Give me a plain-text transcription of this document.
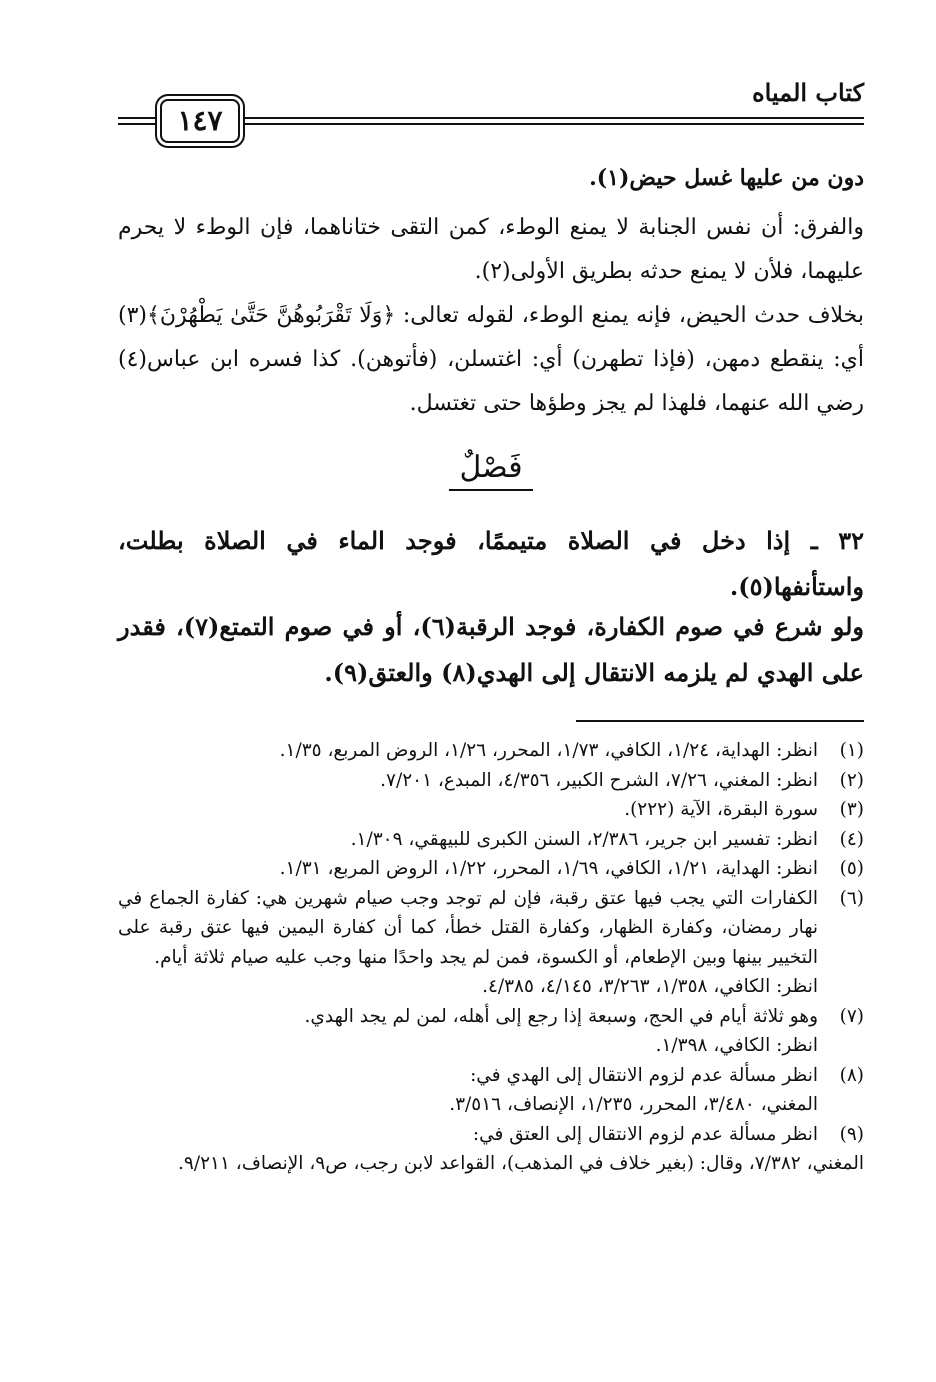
كتاب المياه
١٤٧

دون من عليها غسل حيض(١).

والفرق: أن نفس الجنابة لا يمنع الوطء، كمن التقى ختاناهما، فإن الوطء لا يحرم عليهما، فلأن لا يمنع حدثه بطريق الأولى(٢).

بخلاف حدث الحيض، فإنه يمنع الوطء، لقوله تعالى: ﴿وَلَا تَقْرَبُوهُنَّ حَتَّىٰ يَطْهُرْنَ﴾(٣) أي: ينقطع دمهن، (فإذا تطهرن) أي: اغتسلن، (فأتوهن). كذا فسره ابن عباس(٤) رضي الله عنهما، فلهذا لم يجز وطؤها حتى تغتسل.

فَصْلٌ

٣٢ ـ إذا دخل في الصلاة متيممًا، فوجد الماء في الصلاة بطلت، واستأنفها(٥).

ولو شرع في صوم الكفارة، فوجد الرقبة(٦)، أو في صوم التمتع(٧)، فقدر على الهدي لم يلزمه الانتقال إلى الهدي(٨) والعتق(٩).

(١)
انظر: الهداية، ١/٢٤، الكافي، ١/٧٣، المحرر، ١/٢٦، الروض المربع، ١/٣٥.
(٢)
انظر: المغني، ٧/٢٦، الشرح الكبير، ٤/٣٥٦، المبدع، ٧/٢٠١.
(٣)
سورة البقرة، الآية (٢٢٢).
(٤)
انظر: تفسير ابن جرير، ٢/٣٨٦، السنن الكبرى للبيهقي، ١/٣٠٩.
(٥)
انظر: الهداية، ١/٢١، الكافي، ١/٦٩، المحرر، ١/٢٢، الروض المربع، ١/٣١.
(٦)
الكفارات التي يجب فيها عتق رقبة، فإن لم توجد وجب صيام شهرين هي: كفارة الجماع في نهار رمضان، وكفارة الظهار، وكفارة القتل خطأ، كما أن كفارة اليمين فيها عتق رقبة على التخيير بينها وبين الإطعام، أو الكسوة، فمن لم يجد واحدًا منها وجب عليه صيام ثلاثة أيام.
انظر: الكافي، ١/٣٥٨، ٣/٢٦٣، ٤/١٤٥، ٤/٣٨٥.
(٧)
وهو ثلاثة أيام في الحج، وسبعة إذا رجع إلى أهله، لمن لم يجد الهدي.
انظر: الكافي، ١/٣٩٨.
(٨)
انظر مسألة عدم لزوم الانتقال إلى الهدي في:
المغني، ٣/٤٨٠، المحرر، ١/٢٣٥، الإنصاف، ٣/٥١٦.
(٩)
انظر مسألة عدم لزوم الانتقال إلى العتق في:
المغني، ٧/٣٨٢، وقال: (بغير خلاف في المذهب)، القواعد لابن رجب، ص٩، الإنصاف، ٩/٢١١.
